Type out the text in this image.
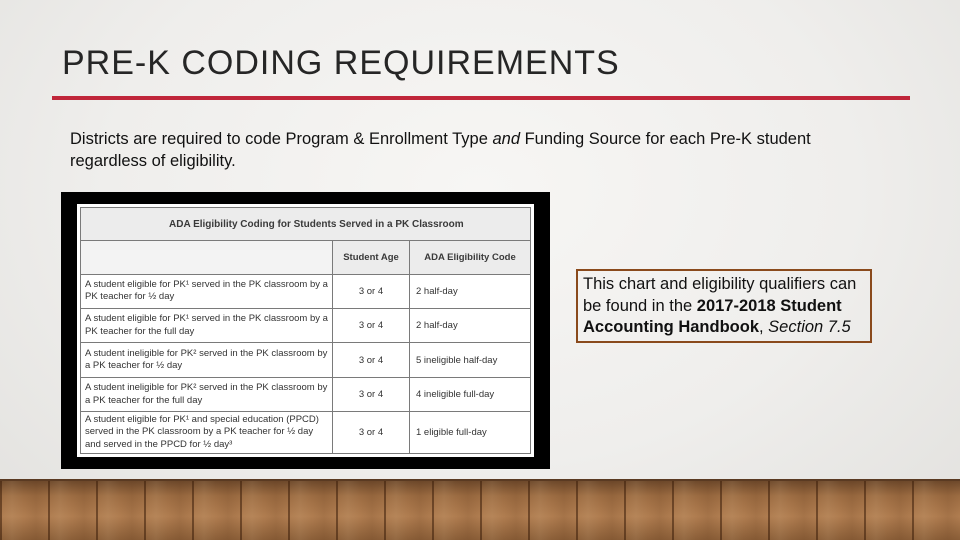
PRE-K CODING REQUIREMENTS
Districts are required to code Program & Enrollment Type and Funding Source for each Pre-K student regardless of eligibility.
ADA Eligibility Coding for Students Served in a PK Classroom		
	Student Age	ADA Eligibility Code
A student eligible for PK¹ served in the PK classroom by a PK teacher for ½ day	3 or 4	2 half-day
A student eligible for PK¹ served in the PK classroom by a PK teacher for the full day	3 or 4	2 half-day
A student ineligible for PK² served in the PK classroom by a PK teacher for ½ day	3 or 4	5 ineligible half-day
A student ineligible for PK² served in the PK classroom by a PK teacher for the full day	3 or 4	4 ineligible full-day
A student eligible for PK¹ and special education (PPCD) served in the PK classroom by a PK teacher for ½ day and served in the PPCD for ½ day³	3 or 4	1 eligible full-day
This chart and eligibility qualifiers can be found in the 2017-2018 Student Accounting Handbook, Section 7.5
